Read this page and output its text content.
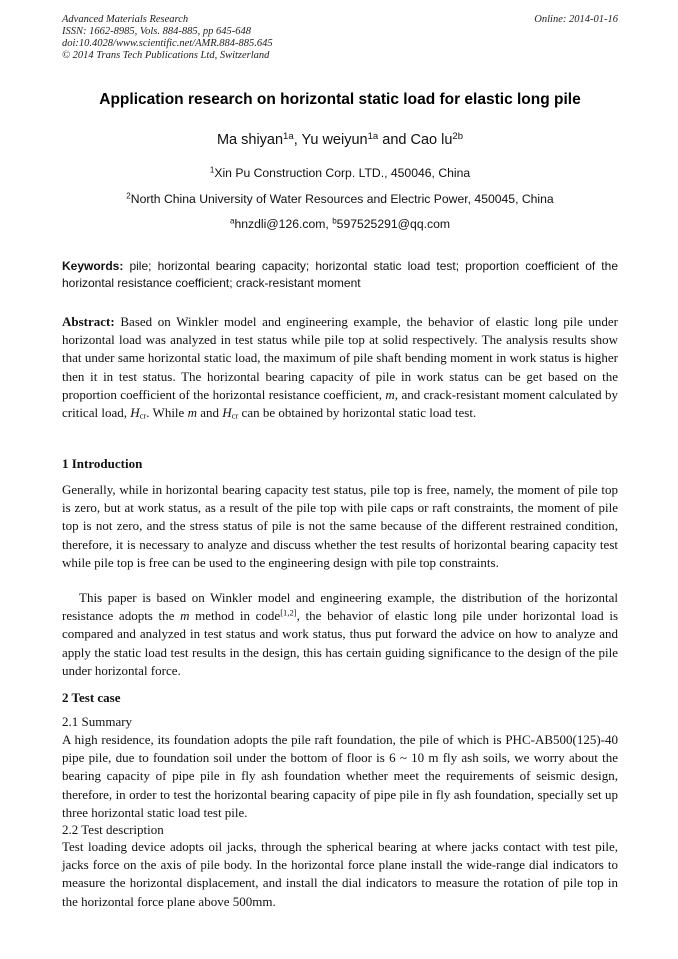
Advanced Materials Research
ISSN: 1662-8985, Vols. 884-885, pp 645-648
doi:10.4028/www.scientific.net/AMR.884-885.645
© 2014 Trans Tech Publications Ltd, Switzerland
Online: 2014-01-16
Application research on horizontal static load for elastic long pile
Ma shiyan$^{1a}$, Yu weiyun$^{1a}$ and Cao $lu^{2b}$
$^1$Xin Pu Construction Corp. LTD., 450046, China
$^2$North China University of Water Resources and Electric Power, 450045, China
$^a$hnzdli@126.com, $^b$597525291@qq.com
Keywords: pile; horizontal bearing capacity; horizontal static load test; proportion coefficient of the horizontal resistance coefficient; crack-resistant moment
Abstract: Based on Winkler model and engineering example, the behavior of elastic long pile under horizontal load was analyzed in test status while pile top at solid respectively. The analysis results show that under same horizontal static load, the maximum of pile shaft bending moment in work status is higher then it in test status. The horizontal bearing capacity of pile in work status can be get based on the proportion coefficient of the horizontal resistance coefficient, m, and crack-resistant moment calculated by critical load, $H_{cr}$. While m and $H_{cr}$ can be obtained by horizontal static load test.
1 Introduction

Generally, while in horizontal bearing capacity test status, pile top is free, namely, the moment of pile top is zero, but at work status, as a result of the pile top with pile caps or raft constraints, the moment of pile top is not zero, and the stress status of pile is not the same because of the different restrained condition, therefore, it is necessary to analyze and discuss whether the test results of horizontal bearing capacity test while pile top is free can be used to the engineering design with pile top constraints.

This paper is based on Winkler model and engineering example, the distribution of the horizontal resistance adopts the m method in code[1,2], the behavior of elastic long pile under horizontal load is compared and analyzed in test status and work status, thus put forward the advice on how to analyze and apply the static load test results in the design, this has certain guiding significance to the design of the pile under horizontal force.

2 Test case
2.1 Summary

A high residence, its foundation adopts the pile raft foundation, the pile of which is PHC-AB500(125)-40 pipe pile, due to foundation soil under the bottom of floor is 6 ~ 10 m fly ash soils, we worry about the bearing capacity of pipe pile in fly ash foundation whether meet the requirements of seismic design, therefore, in order to test the horizontal bearing capacity of pipe pile in fly ash foundation, specially set up three horizontal static load test pile.

2.2 Test description

Test loading device adopts oil jacks, through the spherical bearing at where jacks contact with test pile, jacks force on the axis of pile body. In the horizontal force plane install the wide-range dial indicators to measure the horizontal displacement, and install the dial indicators to measure the rotation of pile top in the horizontal force plane above 500mm.
